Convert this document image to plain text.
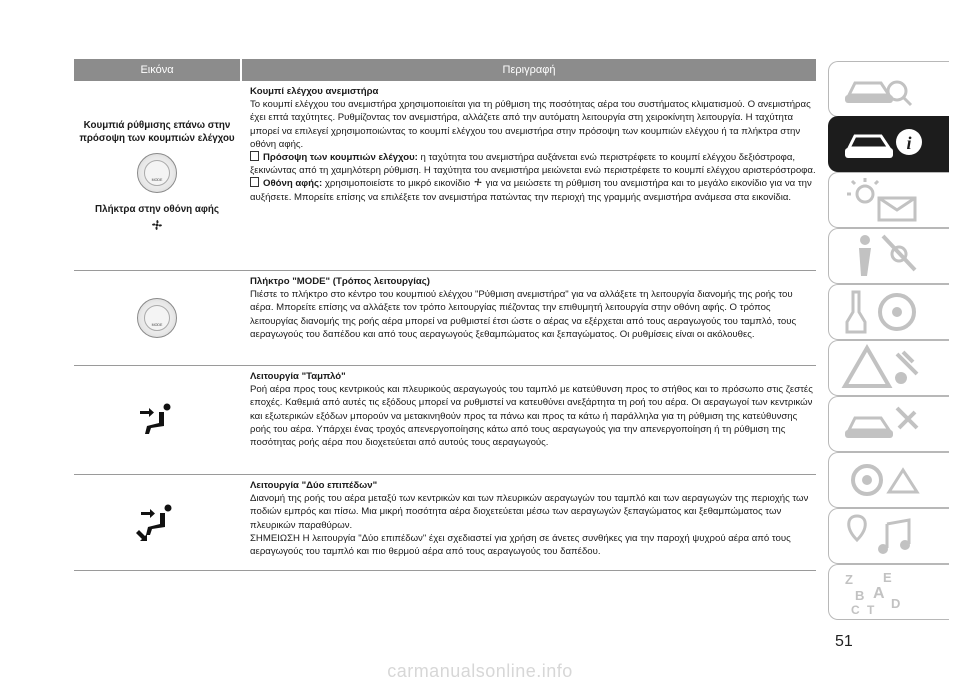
Εικόνα	Περιγραφή
Κουμπιά ρύθμισης επάνω στην πρόσοψη των κουμπιών ελέγχου
MODE
Πλήκτρα στην οθόνη αφής

Κουμπί ελέγχου ανεμιστήρα

Το κουμπί ελέγχου του ανεμιστήρα χρησιμοποιείται για τη ρύθμιση της ποσότητας αέρα του συστήματος κλιματισμού. Ο ανεμιστήρας έχει επτά ταχύτητες. Ρυθμίζοντας τον ανεμιστήρα, αλλάζετε από την αυτόματη λειτουργία στη χειροκίνητη λειτουργία. Η ταχύτητα μπορεί να επιλεγεί χρησιμοποιώντας το κουμπί ελέγχου του ανεμιστήρα στην πρόσοψη των κουμπιών ελέγχου ή τα πλήκτρα στην οθόνη αφής.

Πρόσοψη των κουμπιών ελέγχου: η ταχύτητα του ανεμιστήρα αυξάνεται ενώ περιστρέφετε το κουμπί ελέγχου δεξιόστροφα, ξεκινώντας από τη χαμηλότερη ρύθμιση. Η ταχύτητα του ανεμιστήρα μειώνεται ενώ περιστρέφετε το κουμπί ελέγχου αριστερόστροφα.

Οθόνη αφής: χρησιμοποιείστε το μικρό εικονίδιο για να μειώσετε τη ρύθμιση του ανεμιστήρα και το μεγάλο εικονίδιο για να την αυξήσετε. Μπορείτε επίσης να επιλέξετε τον ανεμιστήρα πατώντας την περιοχή της γραμμής ανεμιστήρα ανάμεσα στα εικονίδια.

MODE

Πλήκτρο "MODE" (Τρόπος λειτουργίας)

Πιέστε το πλήκτρο στο κέντρο του κουμπιού ελέγχου "Ρύθμιση ανεμιστήρα" για να αλλάξετε τη λειτουργία διανομής της ροής του αέρα. Μπορείτε επίσης να αλλάξετε τον τρόπο λειτουργίας πιέζοντας την επιθυμητή λειτουργία στην οθόνη αφής. Ο τρόπος λειτουργίας διανομής της ροής αέρα μπορεί να ρυθμιστεί έτσι ώστε ο αέρας να εξέρχεται από τους αεραγωγούς του ταμπλό, τους αεραγωγούς του δαπέδου και από τους αεραγωγούς ξεθαμπώματος και ξεπαγώματος. Οι ρυθμίσεις είναι οι ακόλουθες.

Λειτουργία "Ταμπλό"

Ροή αέρα προς τους κεντρικούς και πλευρικούς αεραγωγούς του ταμπλό με κατεύθυνση προς το στήθος και το πρόσωπο στις ζεστές εποχές. Καθεμιά από αυτές τις εξόδους μπορεί να ρυθμιστεί να κατευθύνει ανεξάρτητα τη ροή του αέρα. Οι αεραγωγοί των κεντρικών και εξωτερικών εξόδων μπορούν να μετακινηθούν προς τα πάνω και προς τα κάτω ή παράλληλα για τη ρύθμιση της κατεύθυνσης ροής του αέρα. Υπάρχει ένας τροχός απενεργοποίησης κάτω από τους αεραγωγούς για την απενεργοποίηση ή τη ρύθμιση της ποσότητας ροής αέρα που διοχετεύεται από αυτούς τους αεραγωγούς.

Λειτουργία "Δύο επιπέδων"

Διανομή της ροής του αέρα μεταξύ των κεντρικών και των πλευρικών αεραγωγών του ταμπλό και των αεραγωγών της περιοχής των ποδιών εμπρός και πίσω. Μια μικρή ποσότητα αέρα διοχετεύεται μέσω των αεραγωγών ξεπαγώματος και ξεθαμπώματος των πλευρικών παραθύρων.

ΣΗΜΕΙΩΣΗ Η λειτουργία "Δύο επιπέδων" έχει σχεδιαστεί για χρήση σε άνετες συνθήκες για την παροχή ψυχρού αέρα από τους αεραγωγούς του ταμπλό και πιο θερμού αέρα από τους αεραγωγούς του δαπέδου.

i
Z E
B A
C T D
51
carmanualsonline.info
